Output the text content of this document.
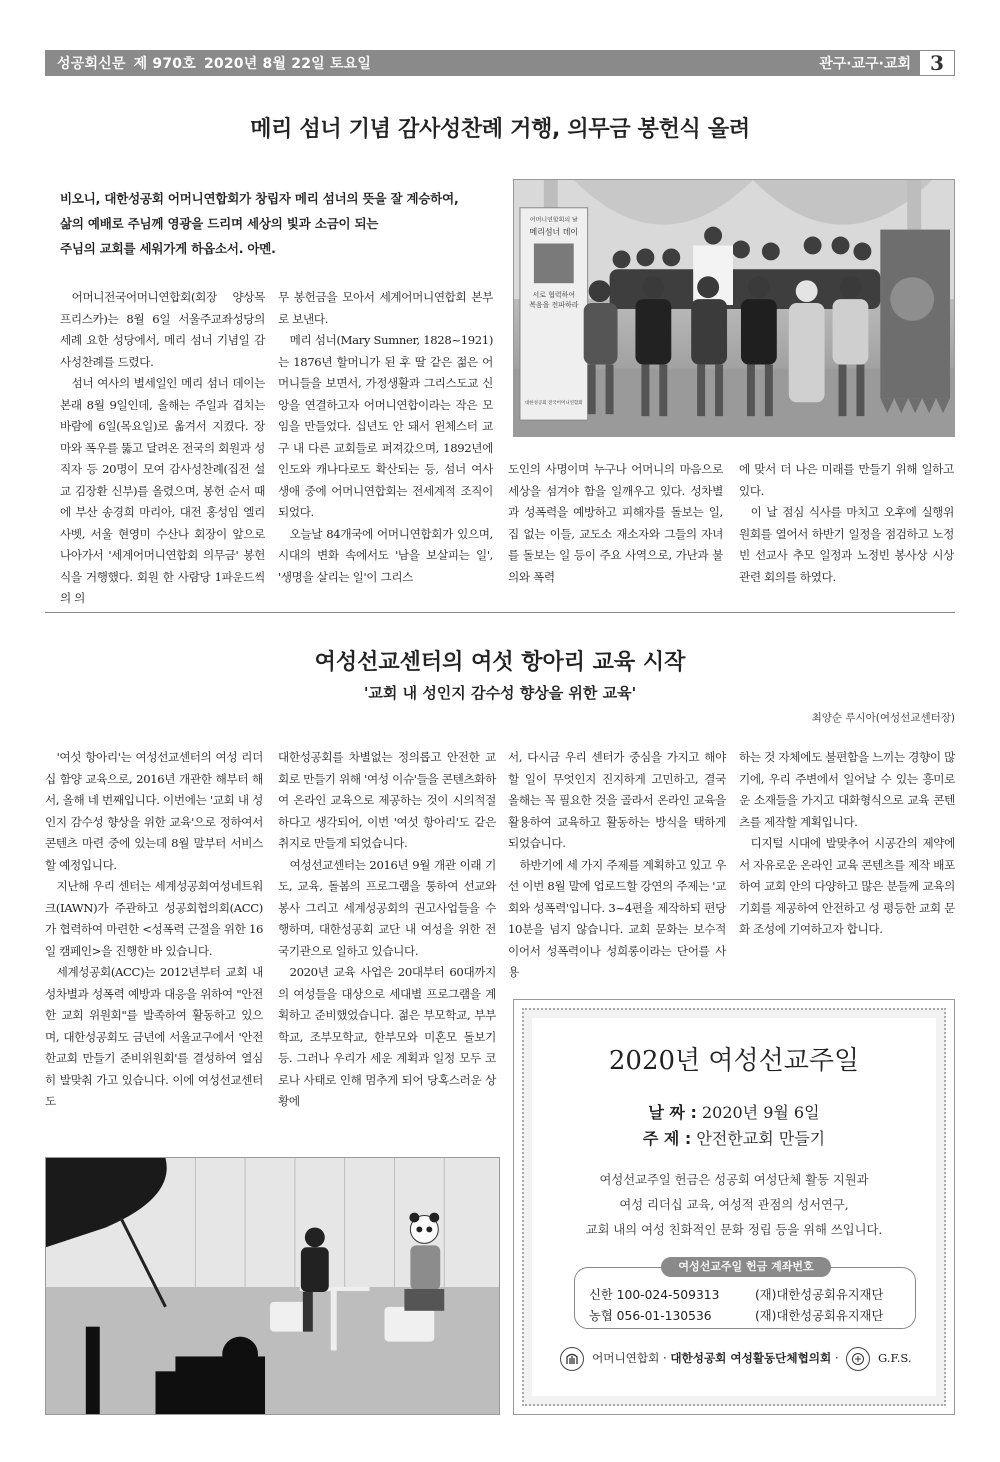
성공회신문 제 970호 2020년 8월 22일 토요일	관구·교구·교회 3
메리 섬너 기념 감사성찬례 거행, 의무금 봉헌식 올려

비오니, 대한성공회 어머니연합회가 창립자 메리 섬너의 뜻을 잘 계승하여,

삶의 예배로 주님께 영광을 드리며 세상의 빛과 소금이 되는

주님의 교회를 세워가게 하옵소서. 아멘.

어머니연합회의 날
메리섬너 데이
서로 협력하여
복음을 전파하라
대한성공회 전국어머니연합회

어머니전국어머니연합회(회장 양상목 프리스카)는 8월 6일 서울주교좌성당의 세례 요한 성당에서, 메리 섬너 기념일 감사성찬례를 드렸다.

섬너 여사의 별세일인 메리 섬너 데이는 본래 8월 9일인데, 올해는 주일과 겹치는 바람에 6일(목요일)로 옮겨서 지켰다. 장마와 폭우를 뚫고 달려온 전국의 회원과 성직자 등 20명이 모여 감사성찬례(집전 설교 김장환 신부)를 올렸으며, 봉헌 순서 때에 부산 송경희 마리아, 대전 홍성임 엘리사벳, 서울 현영미 수산나 회장이 앞으로 나아가서 '세계어머니연합회 의무금' 봉헌식을 거행했다. 회원 한 사람당 1파운드씩의 의

무 봉헌금을 모아서 세계어머니연합회 본부로 보낸다.

메리 섬너(Mary Sumner, 1828~1921)는 1876년 할머니가 된 후 딸 같은 젊은 어머니들을 보면서, 가정생활과 그리스도교 신앙을 연결하고자 어머니연합이라는 작은 모임을 만들었다. 십년도 안 돼서 윈체스터 교구 내 다른 교회들로 퍼져갔으며, 1892년에 인도와 캐나다로도 확산되는 등, 섬너 여사 생애 중에 어머니연합회는 전세계적 조직이 되었다.

오늘날 84개국에 어머니연합회가 있으며, 시대의 변화 속에서도 '남을 보살피는 일', '생명을 살리는 일'이 그리스

도인의 사명이며 누구나 어머니의 마음으로 세상을 섬겨야 함을 일깨우고 있다. 성차별과 성폭력을 예방하고 피해자를 돌보는 일, 집 없는 이들, 교도소 재소자와 그들의 자녀를 돌보는 일 등이 주요 사역으로, 가난과 불의와 폭력

에 맞서 더 나은 미래를 만들기 위해 일하고 있다.

이 날 점심 식사를 마치고 오후에 실행위원회를 열어서 하반기 일정을 점검하고 노정빈 선교사 추모 일정과 노정빈 봉사상 시상 관련 회의를 하였다.

여성선교센터의 여섯 항아리 교육 시작
'교회 내 성인지 감수성 향상을 위한 교육'
최양순 루시아(여성선교센터장)

'여섯 항아리'는 여성선교센터의 여성 리더십 함양 교육으로, 2016년 개관한 해부터 해서, 올해 네 번째입니다. 이번에는 '교회 내 성인지 감수성 향상을 위한 교육'으로 정하여서 콘텐츠 마련 중에 있는데 8월 말부터 서비스할 예정입니다.

지난해 우리 센터는 세계성공회여성네트워크(IAWN)가 주관하고 성공회협의회(ACC)가 협력하여 마련한 <성폭력 근절을 위한 16일 캠페인>을 진행한 바 있습니다.

세계성공회(ACC)는 2012년부터 교회 내 성차별과 성폭력 예방과 대응을 위하여 "안전한 교회 위원회"를 발족하여 활동하고 있으며, 대한성공회도 금년에 서울교구에서 '안전한교회 만들기 준비위원회'를 결성하여 열심히 발맞춰 가고 있습니다. 이에 여성선교센터도

대한성공회를 차별없는 정의롭고 안전한 교회로 만들기 위해 '여성 이슈'들을 콘텐츠화하여 온라인 교육으로 제공하는 것이 시의적절하다고 생각되어, 이번 '여섯 항아리'도 같은 취지로 만들게 되었습니다.

여성선교센터는 2016년 9월 개관 이래 기도, 교육, 돌봄의 프로그램을 통하여 선교와 봉사 그리고 세계성공회의 권고사업들을 수행하며, 대한성공회 교단 내 여성을 위한 전국기관으로 일하고 있습니다.

2020년 교육 사업은 20대부터 60대까지의 여성들을 대상으로 세대별 프로그램을 계획하고 준비했었습니다. 젊은 부모학교, 부부학교, 조부모학교, 한부모와 미혼모 돌보기 등. 그러나 우리가 세운 계획과 일정 모두 코로나 사태로 인해 멈추게 되어 당혹스러운 상황에

서, 다시금 우리 센터가 중심을 가지고 해야 할 일이 무엇인지 진지하게 고민하고, 결국 올해는 꼭 필요한 것을 골라서 온라인 교육을 활용하여 교육하고 활동하는 방식을 택하게 되었습니다.

하반기에 세 가지 주제를 계획하고 있고 우선 이번 8월 말에 업로드할 강연의 주제는 '교회와 성폭력'입니다. 3~4편을 제작하되 편당 10분을 넘지 않습니다. 교회 문화는 보수적이어서 성폭력이나 성희롱이라는 단어를 사용

하는 것 자체에도 불편함을 느끼는 경향이 많기에, 우리 주변에서 일어날 수 있는 흥미로운 소재들을 가지고 대화형식으로 교육 콘텐츠를 제작할 계획입니다.

디지털 시대에 발맞추어 시공간의 제약에서 자유로운 온라인 교육 콘텐츠를 제작 배포하여 교회 안의 다양하고 많은 분들께 교육의 기회를 제공하여 안전하고 성 평등한 교회 문화 조성에 기여하고자 합니다.

2020년 여성선교주일
날 짜 : 2020년 9월 6일
주 제 : 안전한교회 만들기
여성선교주일 헌금은 성공회 여성단체 활동 지원과
여성 리더십 교육, 여성적 관점의 성서연구,
교회 내의 여성 친화적인 문화 정립 등을 위해 쓰입니다.
신한 100-024-509313	(재)대한성공회유지재단
농협 056-01-130536	(재)대한성공회유지재단
여성선교주일 헌금 계좌번호
어머니연합회 · 대한성공회 여성활동단체협의회 ·	G.F.S.
